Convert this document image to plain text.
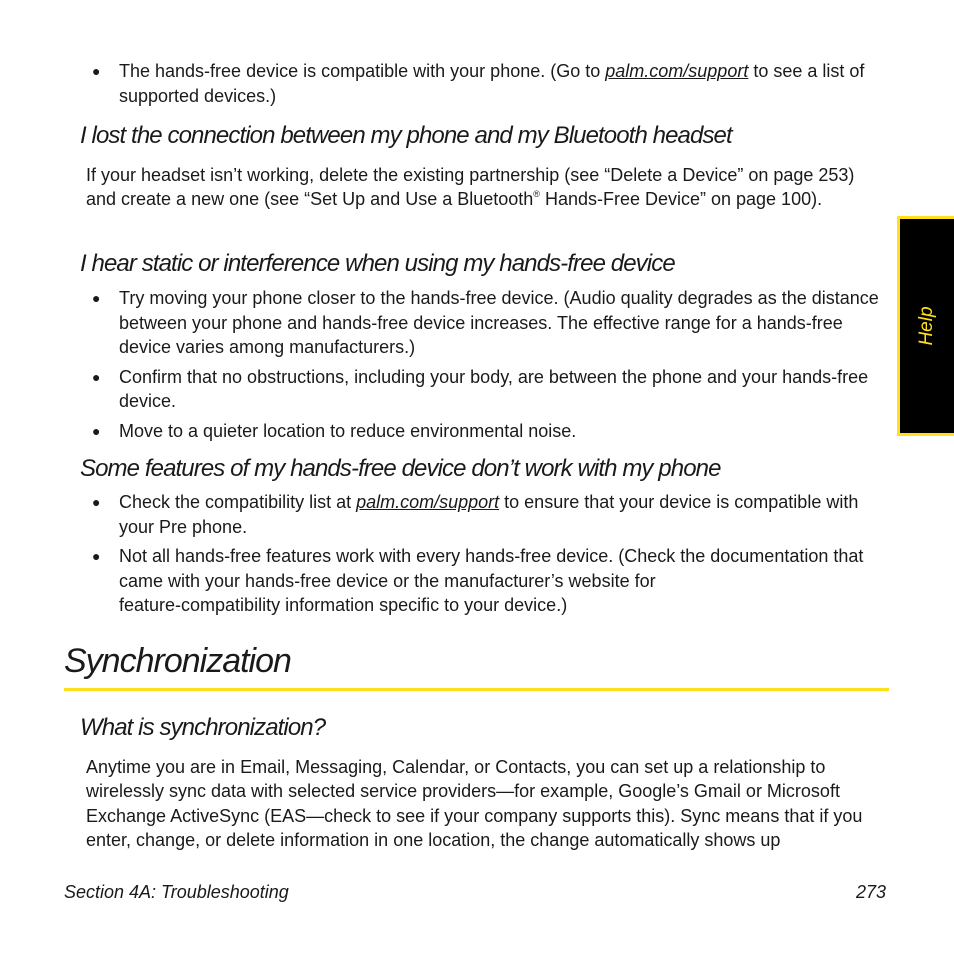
● The hands-free device is compatible with your phone. (Go to palm.com/support to see a list of supported devices.)
I lost the connection between my phone and my Bluetooth headset

If your headset isn’t working, delete the existing partnership (see “Delete a Device” on page 253) and create a new one (see “Set Up and Use a Bluetooth® Hands-Free Device” on page 100).

I hear static or interference when using my hands-free device
● Try moving your phone closer to the hands-free device. (Audio quality degrades as the distance between your phone and hands-free device increases. The effective range for a hands-free device varies among manufacturers.)
● Confirm that no obstructions, including your body, are between the phone and your hands-free device.
● Move to a quieter location to reduce environmental noise.
Some features of my hands-free device don’t work with my phone
● Check the compatibility list at palm.com/support to ensure that your device is compatible with your Pre phone.
● Not all hands-free features work with every hands-free device. (Check the documentation that came with your hands-free device or the manufacturer’s website for
feature-compatibility information specific to your device.)
Synchronization
What is synchronization?

Anytime you are in Email, Messaging, Calendar, or Contacts, you can set up a relationship to wirelessly sync data with selected service providers—for example, Google’s Gmail or Microsoft Exchange ActiveSync (EAS—check to see if your company supports this). Sync means that if you enter, change, or delete information in one location, the change automatically shows up

Section 4A: Troubleshooting	273
Help
